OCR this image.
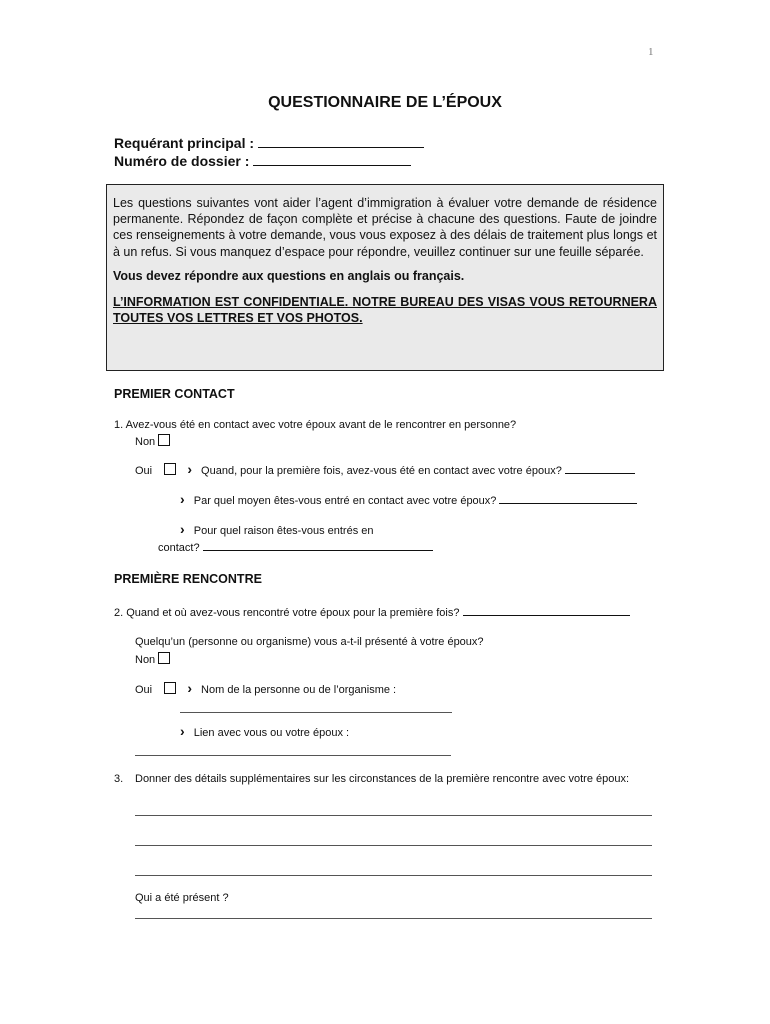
1
QUESTIONNAIRE DE L’ÉPOUX
Requérant principal :
Numéro de dossier :

Les questions suivantes vont aider l’agent d’immigration à évaluer votre demande de résidence permanente. Répondez de façon complète et précise à chacune des questions. Faute de joindre ces renseignements à votre demande, vous vous exposez à des délais de traitement plus longs et à un refus. Si vous manquez d’espace pour répondre, veuillez continuer sur une feuille séparée.

Vous devez répondre aux questions en anglais ou français.

L’INFORMATION EST CONFIDENTIALE. NOTRE BUREAU DES VISAS VOUS RETOURNERA TOUTES VOS LETTRES ET VOS PHOTOS.

PREMIER CONTACT
1. Avez-vous été en contact avec votre époux avant de le rencontrer en personne?
Non
Oui	› Quand, pour la première fois, avez-vous été en contact avec votre époux?
› Par quel moyen êtes-vous entré en contact avec votre époux?
› Pour quel raison êtes-vous entrés en
contact?
PREMIÈRE RENCONTRE
2. Quand et où avez-vous rencontré votre époux pour la première fois?
Quelqu’un (personne ou organisme) vous a-t-il présenté à votre époux?
Non
Oui	› Nom de la personne ou de l’organisme :
› Lien avec vous ou votre époux :
3. Donner des détails supplémentaires sur les circonstances de la première rencontre avec votre époux:
Qui a été présent ?
